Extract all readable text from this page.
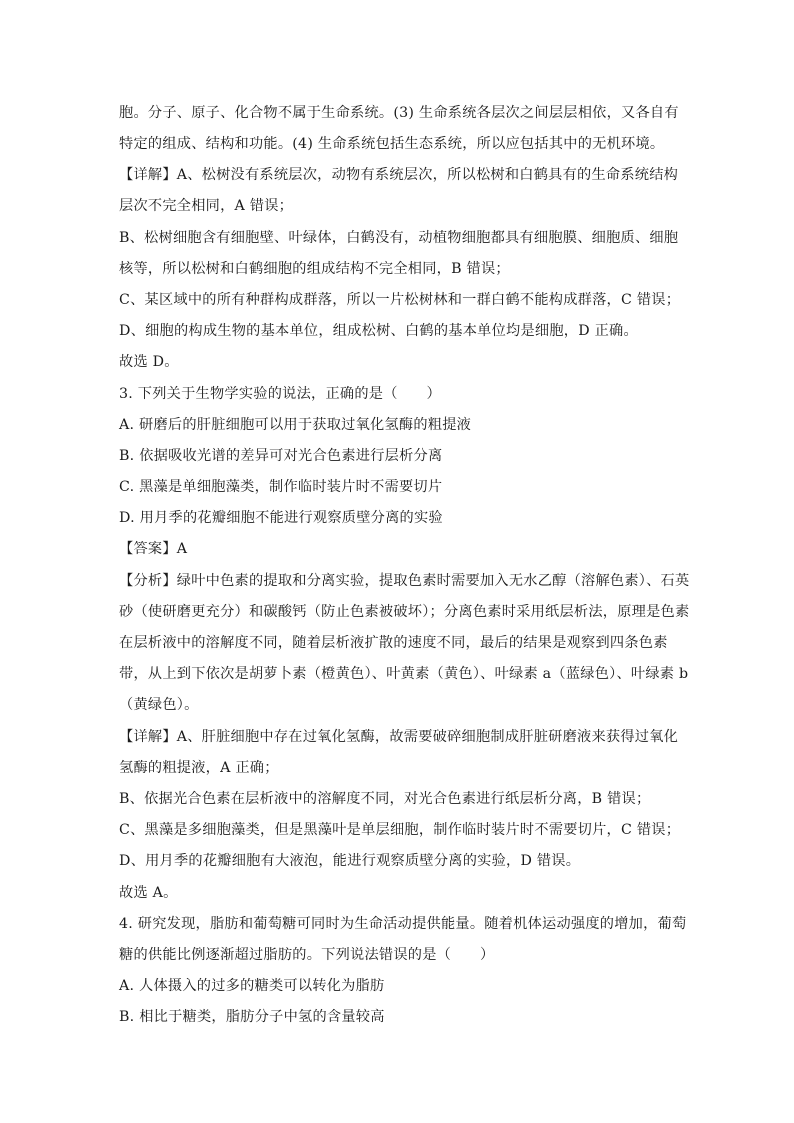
胞。分子、原子、化合物不属于生命系统。(3) 生命系统各层次之间层层相依，又各自有
特定的组成、结构和功能。(4) 生命系统包括生态系统，所以应包括其中的无机环境。
【详解】A、松树没有系统层次，动物有系统层次，所以松树和白鹤具有的生命系统结构
层次不完全相同，A 错误；
B、松树细胞含有细胞壁、叶绿体，白鹤没有，动植物细胞都具有细胞膜、细胞质、细胞
核等，所以松树和白鹤细胞的组成结构不完全相同，B 错误；
C、某区域中的所有种群构成群落，所以一片松树林和一群白鹤不能构成群落，C 错误；
D、细胞的构成生物的基本单位，组成松树、白鹤的基本单位均是细胞，D 正确。
故选 D。
3. 下列关于生物学实验的说法，正确的是（　　）
A. 研磨后的肝脏细胞可以用于获取过氧化氢酶的粗提液
B. 依据吸收光谱的差异可对光合色素进行层析分离
C. 黑藻是单细胞藻类，制作临时装片时不需要切片
D. 用月季的花瓣细胞不能进行观察质壁分离的实验
【答案】A
【分析】绿叶中色素的提取和分离实验，提取色素时需要加入无水乙醇（溶解色素）、石英
砂（使研磨更充分）和碳酸钙（防止色素被破坏）；分离色素时采用纸层析法，原理是色素
在层析液中的溶解度不同，随着层析液扩散的速度不同，最后的结果是观察到四条色素
带，从上到下依次是胡萝卜素（橙黄色）、叶黄素（黄色）、叶绿素 a（蓝绿色）、叶绿素 b
（黄绿色）。
【详解】A、肝脏细胞中存在过氧化氢酶，故需要破碎细胞制成肝脏研磨液来获得过氧化
氢酶的粗提液，A 正确；
B、依据光合色素在层析液中的溶解度不同，对光合色素进行纸层析分离，B 错误；
C、黑藻是多细胞藻类，但是黑藻叶是单层细胞，制作临时装片时不需要切片，C 错误；
D、用月季的花瓣细胞有大液泡，能进行观察质壁分离的实验，D 错误。
故选 A。
4. 研究发现，脂肪和葡萄糖可同时为生命活动提供能量。随着机体运动强度的增加，葡萄
糖的供能比例逐渐超过脂肪的。下列说法错误的是（　　）
A. 人体摄入的过多的糖类可以转化为脂肪
B. 相比于糖类，脂肪分子中氢的含量较高
